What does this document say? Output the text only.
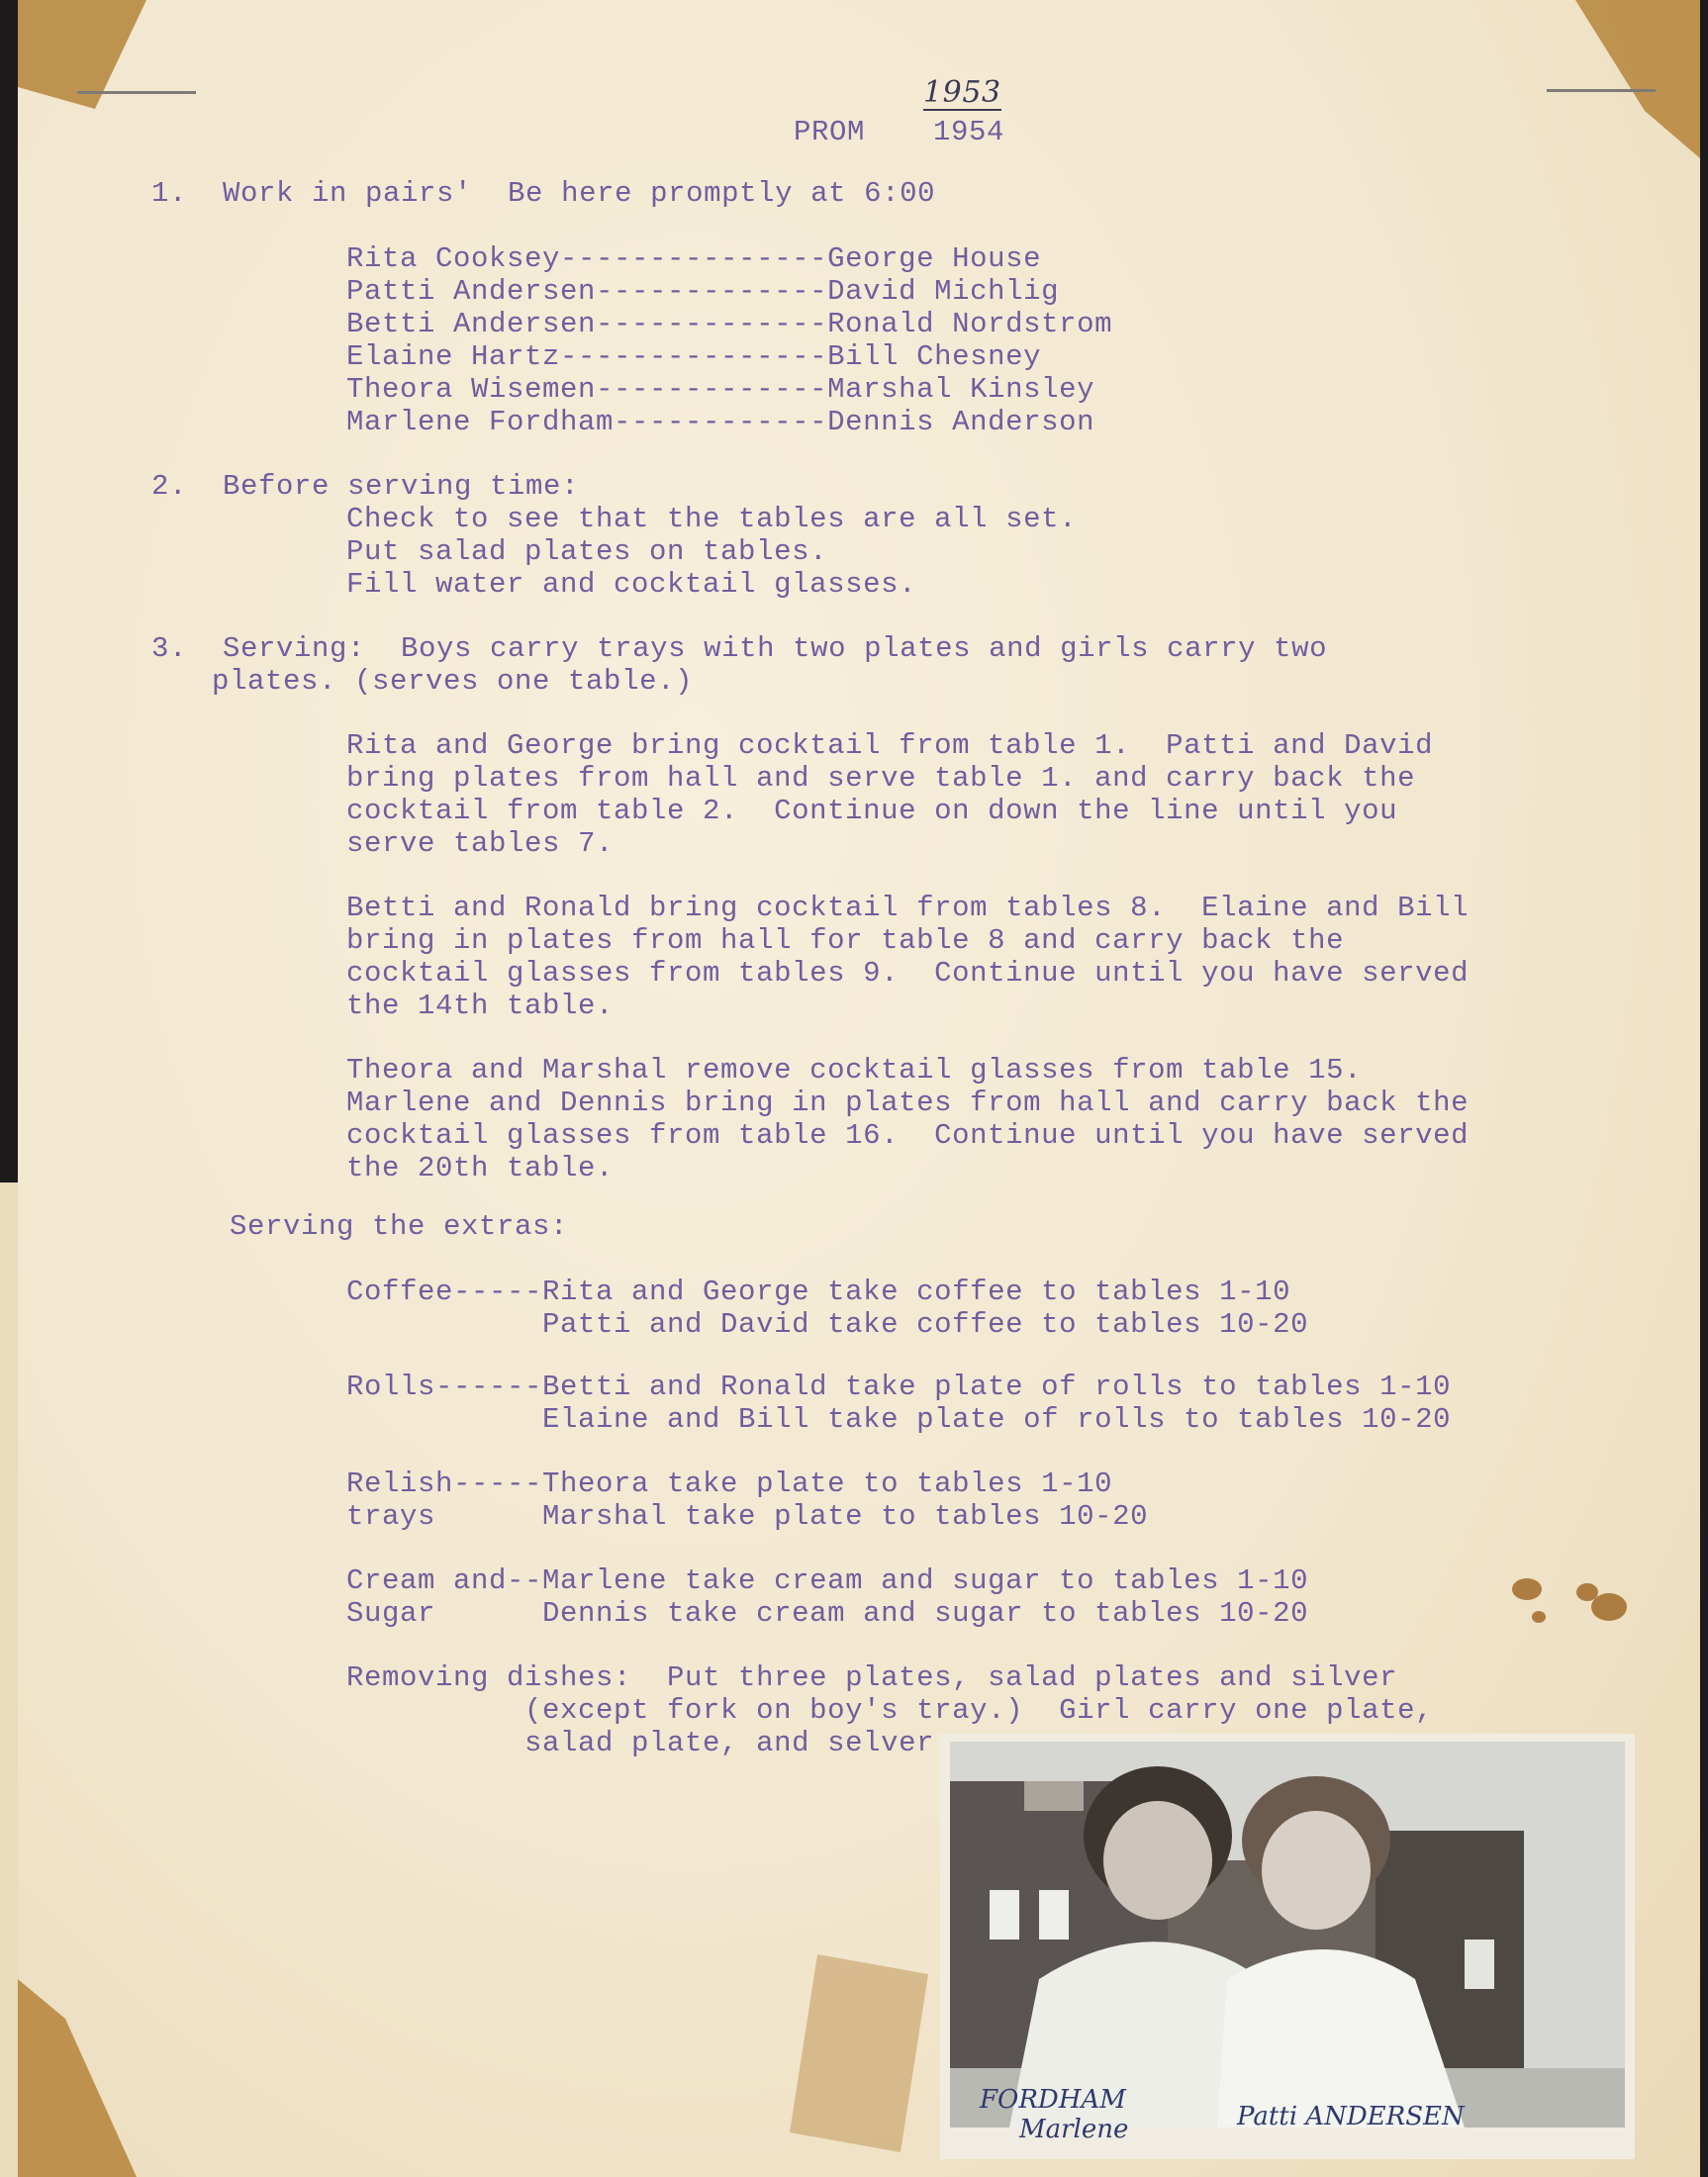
PROM 1954
1953
1.  Work in pairs'  Be here promptly at 6:00
Rita Cooksey---------------George House
Patti Andersen-------------David Michlig
Betti Andersen-------------Ronald Nordstrom
Elaine Hartz---------------Bill Chesney
Theora Wisemen-------------Marshal Kinsley
Marlene Fordham------------Dennis Anderson
2.  Before serving time:
Check to see that the tables are all set.
Put salad plates on tables.
Fill water and cocktail glasses.
3.  Serving:  Boys carry trays with two plates and girls carry two
plates. (serves one table.)
Rita and George bring cocktail from table 1.  Patti and David
bring plates from hall and serve table 1. and carry back the
cocktail from table 2.  Continue on down the line until you
serve tables 7.
Betti and Ronald bring cocktail from tables 8.  Elaine and Bill
bring in plates from hall for table 8 and carry back the
cocktail glasses from tables 9.  Continue until you have served
the 14th table.
Theora and Marshal remove cocktail glasses from table 15.
Marlene and Dennis bring in plates from hall and carry back the
cocktail glasses from table 16.  Continue until you have served
the 20th table.
Serving the extras:
Coffee-----Rita and George take coffee to tables 1-10
Patti and David take coffee to tables 10-20
Rolls------Betti and Ronald take plate of rolls to tables 1-10
Elaine and Bill take plate of rolls to tables 10-20
Relish-----Theora take plate to tables 1-10
trays      Marshal take plate to tables 10-20
Cream and--Marlene take cream and sugar to tables 1-10
Sugar      Dennis take cream and sugar to tables 10-20
Removing dishes:  Put three plates, salad plates and silver
(except fork on boy's tray.)  Girl carry one plate,
salad plate, and selver
FORDHAM
Marlene	Patti ANDERSEN
